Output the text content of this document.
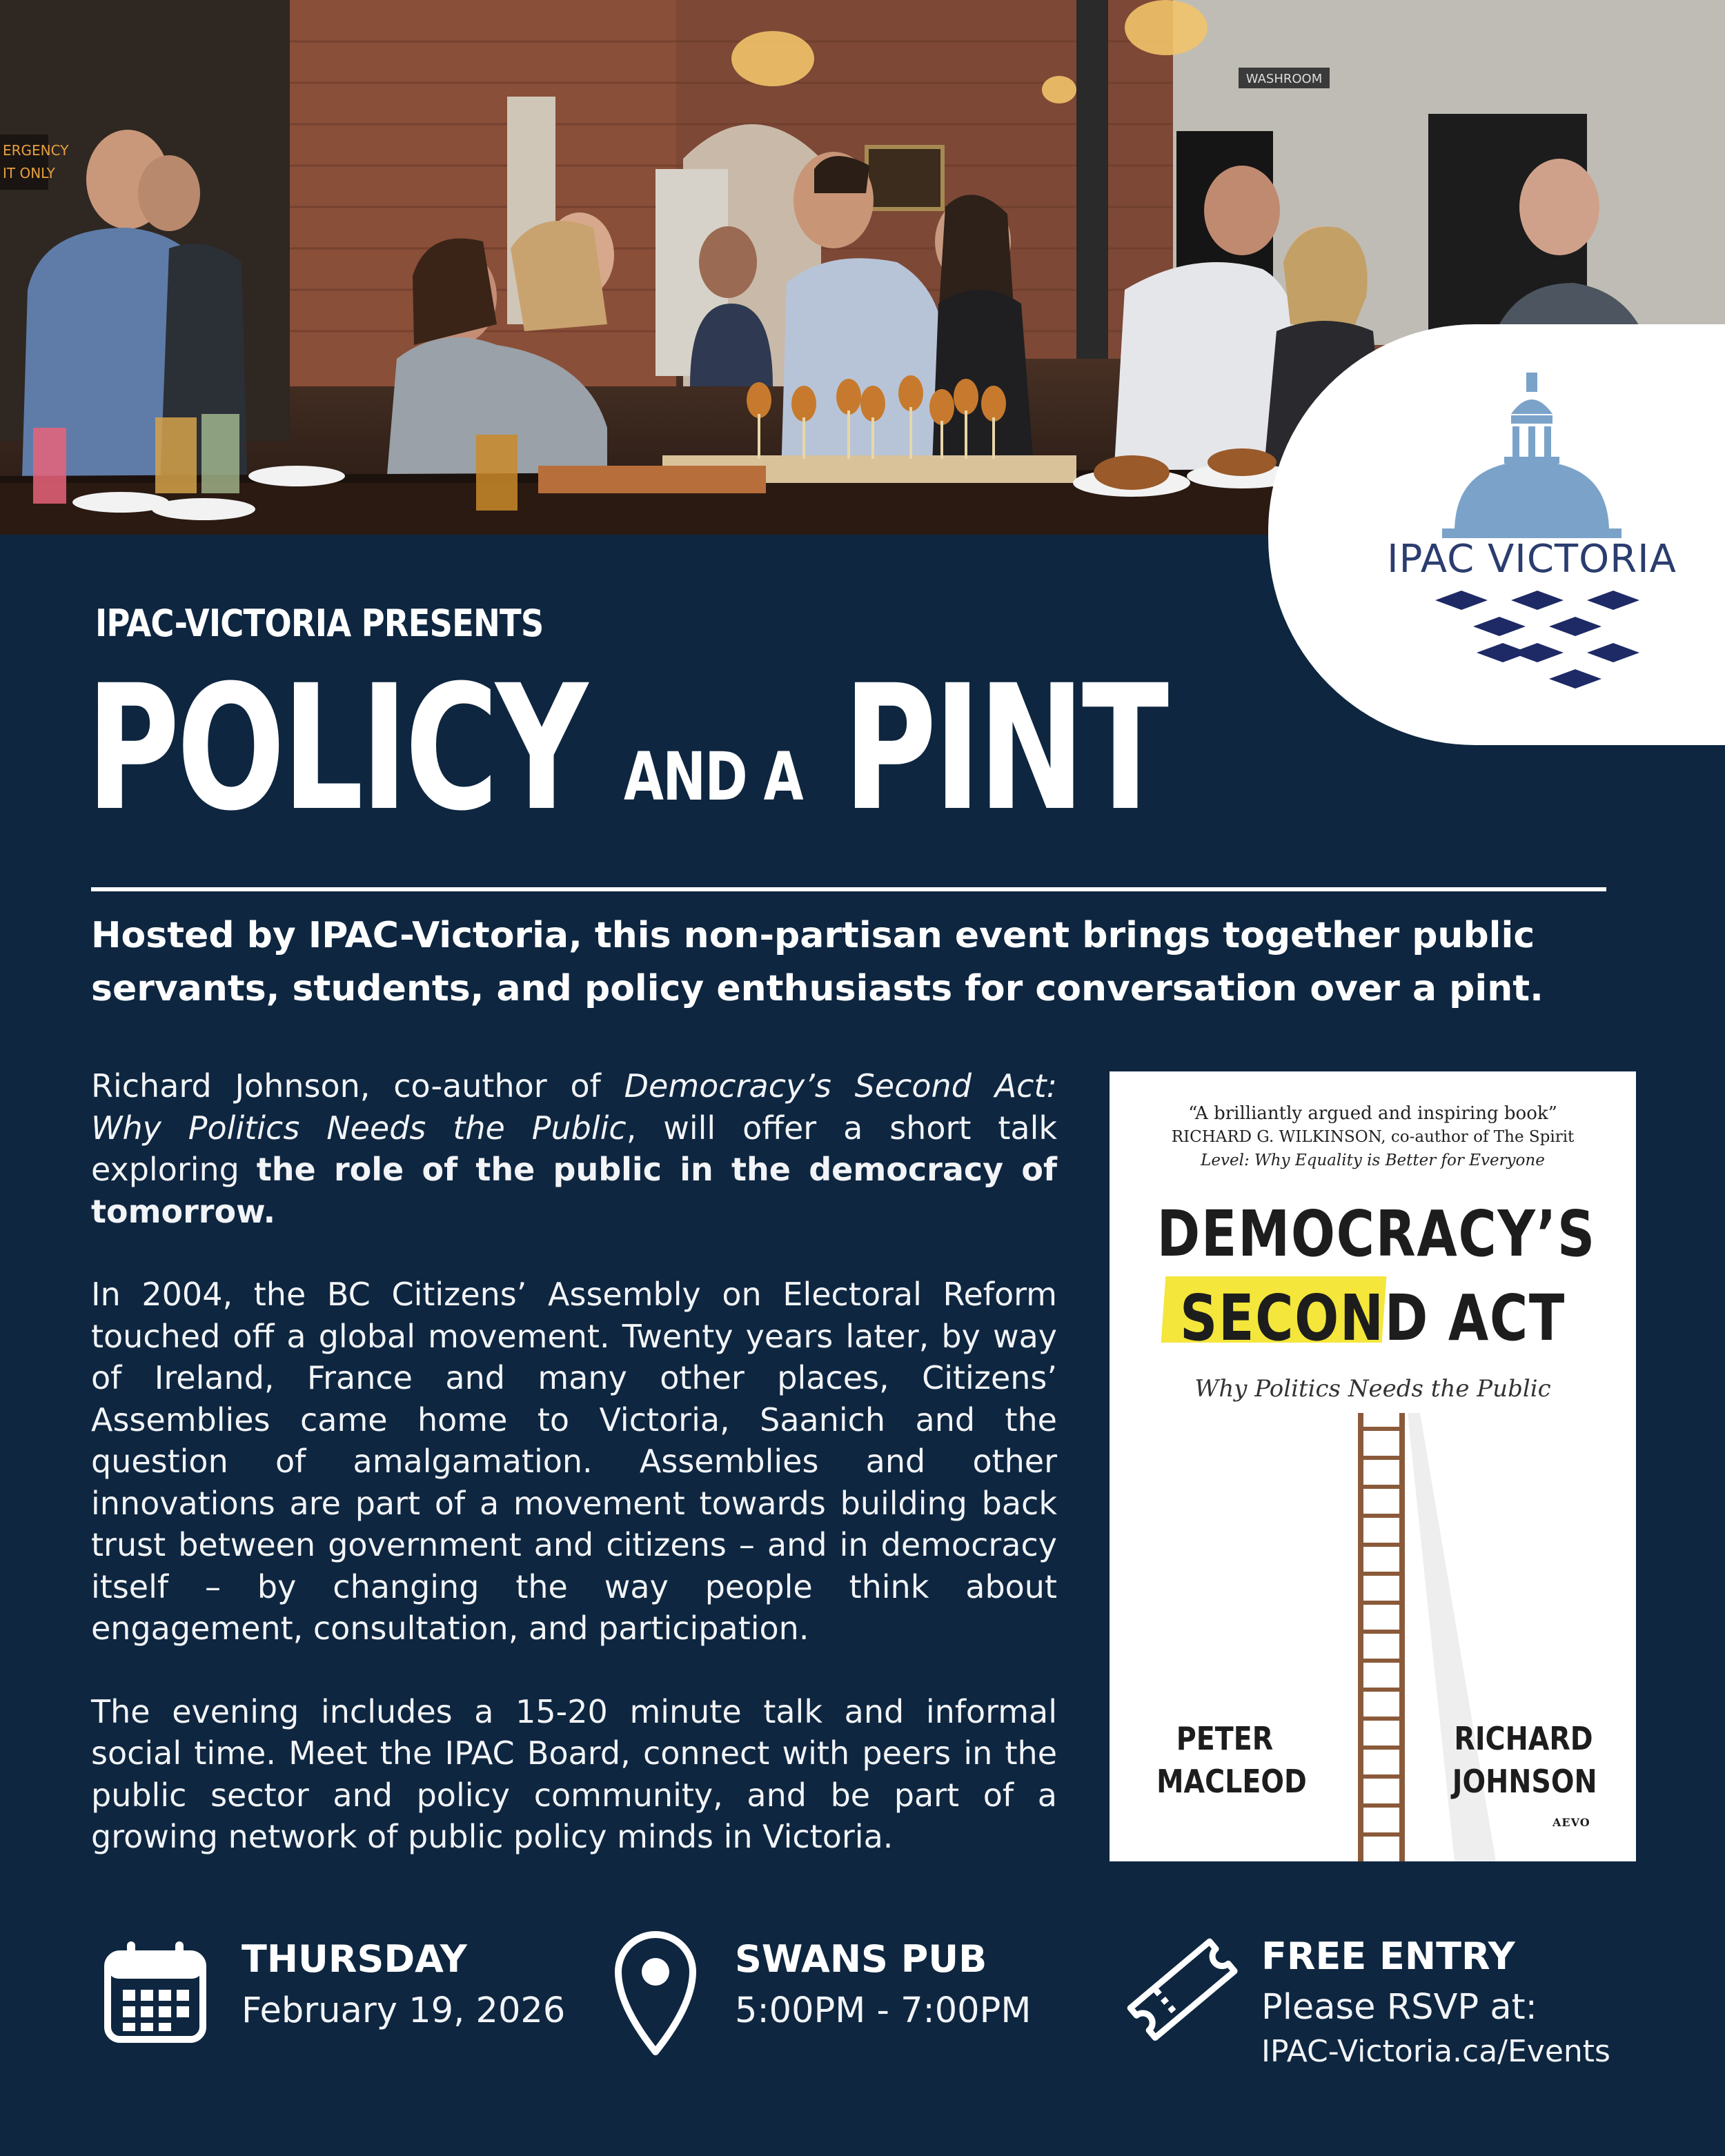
WASHROOM
ERGENCY
IT ONLY
IPAC VICTORIA
IPAC-VICTORIA PRESENTS
POLICY AND A PINT
Hosted by IPAC-Victoria, this non-partisan event brings together public
servants, students, and policy enthusiasts for conversation over a pint.

Richard Johnson, co-author of Democracy’s Second Act: Why Politics Needs the Public, will offer a short talk exploring the role of the public in the democracy of tomorrow.

In 2004, the BC Citizens’ Assembly on Electoral Reform touched off a global movement. Twenty years later, by way of Ireland, France and many other places, Citizens’ Assemblies came home to Victoria, Saanich and the question of amalgamation. Assemblies and other innovations are part of a movement towards building back trust between government and citizens – and in democracy itself – by changing the way people think about engagement, consultation, and participation.

The evening includes a 15-20 minute talk and informal social time. Meet the IPAC Board, connect with peers in the public sector and policy community, and be part of a growing network of public policy minds in Victoria.

“A brilliantly argued and inspiring book”
RICHARD G. WILKINSON, co-author of The Spirit
Level: Why Equality is Better for Everyone
DEMOCRACY’S
SECOND ACT
Why Politics Needs the Public
PETER
MACLEOD
RICHARD
JOHNSON
AEVO
THURSDAY
February 19, 2026
SWANS PUB
5:00PM - 7:00PM
FREE ENTRY
Please RSVP at:
IPAC-Victoria.ca/Events
